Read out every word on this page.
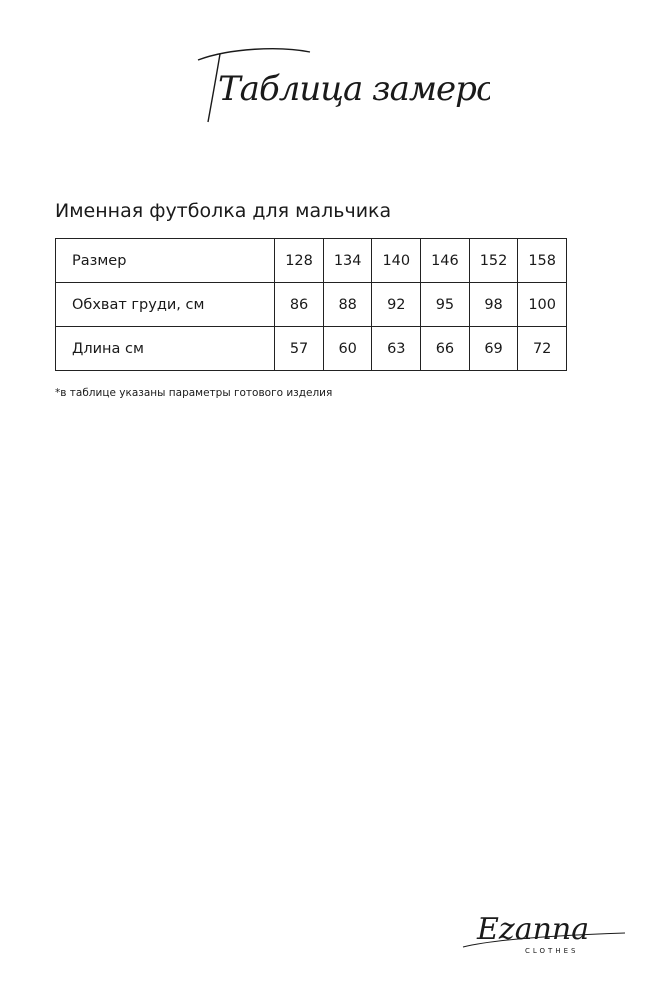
Таблица замеров
Именная футболка для мальчика
Размер	128	134	140	146	152	158
Обхват груди, см	86	88	92	95	98	100
Длина см	57	60	63	66	69	72
*в таблице указаны параметры готового изделия
Ezanna
CLOTHES
